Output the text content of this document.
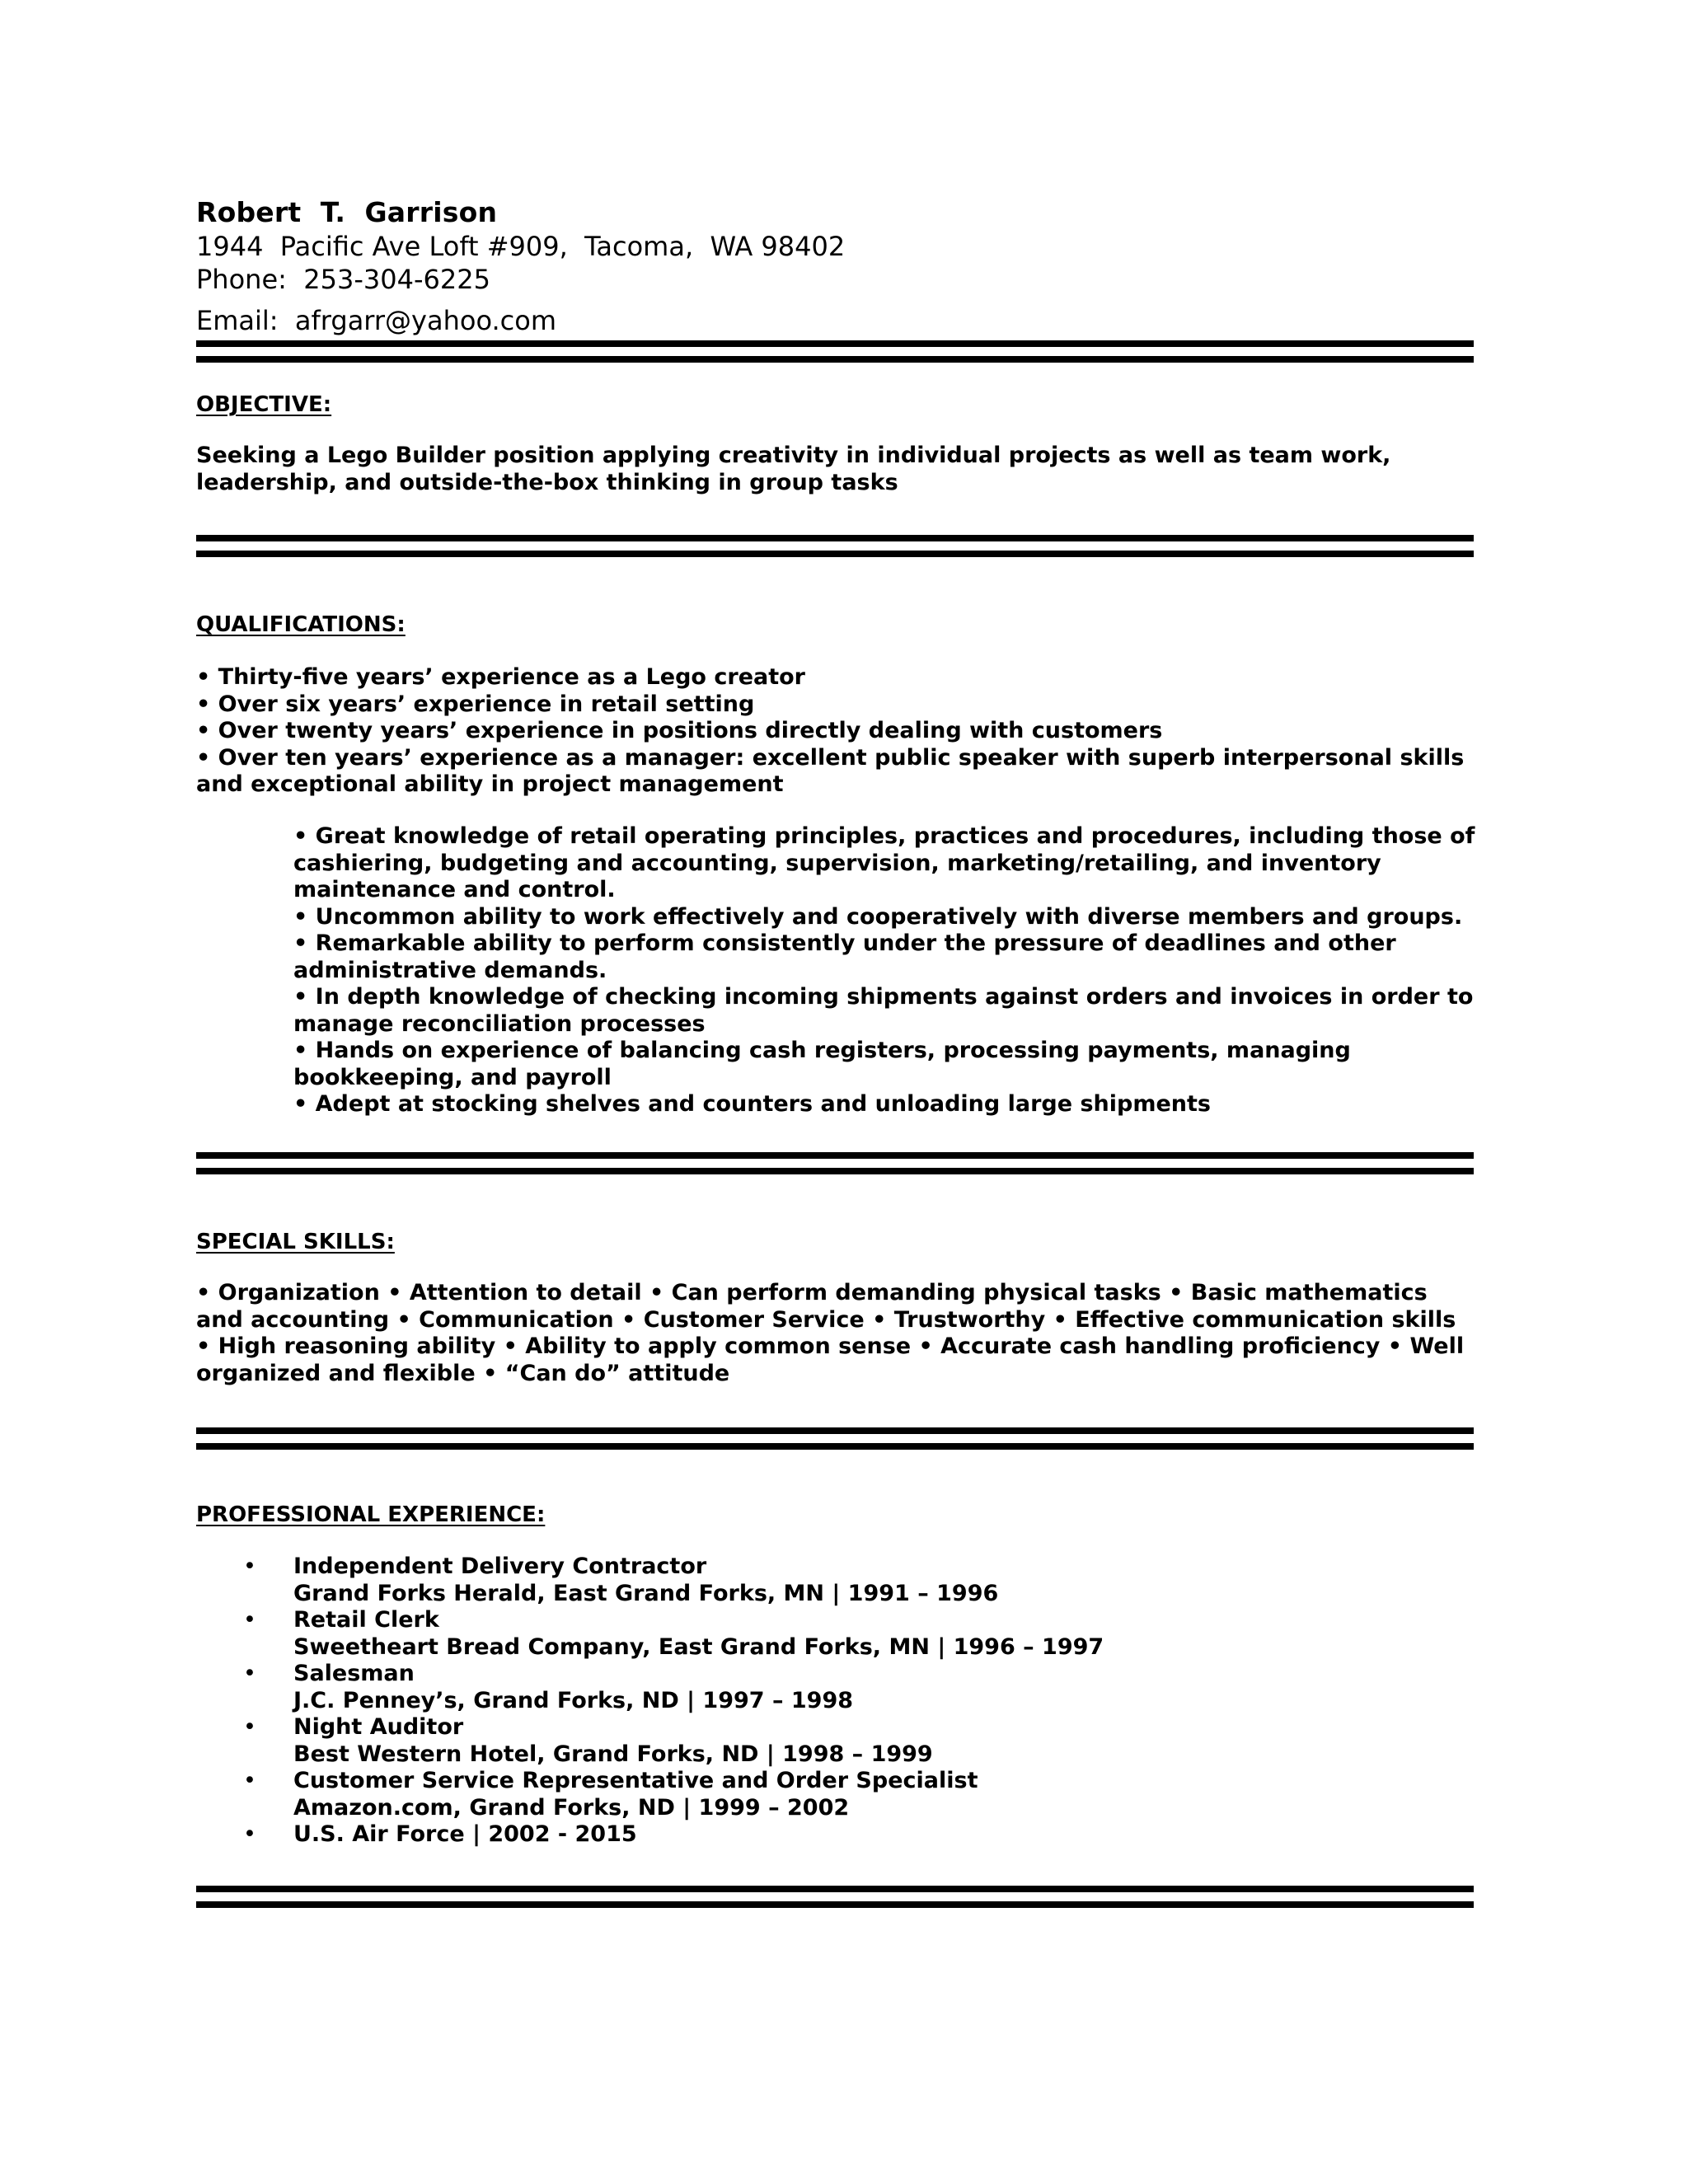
Robert  T.  Garrison
1944  Pacific Ave Loft #909,  Tacoma,  WA 98402
Phone:  253-304-6225
Email:  afrgarr@yahoo.com
OBJECTIVE:
Seeking a Lego Builder position applying creativity in individual projects as well as team work, leadership, and outside-the-box thinking in group tasks
QUALIFICATIONS:
• Thirty-five years’ experience as a Lego creator
• Over six years’ experience in retail setting
• Over twenty years’ experience in positions directly dealing with customers
• Over ten years’ experience as a manager: excellent public speaker with superb interpersonal skills and exceptional ability in project management
• Great knowledge of retail operating principles, practices and procedures, including those of cashiering, budgeting and accounting, supervision, marketing/retailing, and inventory maintenance and control.
• Uncommon ability to work effectively and cooperatively with diverse members and groups.
• Remarkable ability to perform consistently under the pressure of deadlines and other administrative demands.
• In depth knowledge of checking incoming shipments against orders and invoices in order to manage reconciliation processes
• Hands on experience of balancing cash registers, processing payments, managing bookkeeping, and payroll
• Adept at stocking shelves and counters and unloading large shipments
SPECIAL SKILLS:
• Organization • Attention to detail • Can perform demanding physical tasks • Basic mathematics and accounting • Communication • Customer Service • Trustworthy • Effective communication skills • High reasoning ability • Ability to apply common sense • Accurate cash handling proficiency • Well organized and flexible • “Can do” attitude
PROFESSIONAL EXPERIENCE:
• Independent Delivery Contractor
Grand Forks Herald, East Grand Forks, MN | 1991 – 1996
• Retail Clerk
Sweetheart Bread Company, East Grand Forks, MN | 1996 – 1997
• Salesman
J.C. Penney’s, Grand Forks, ND | 1997 – 1998
• Night Auditor
Best Western Hotel, Grand Forks, ND | 1998 – 1999
• Customer Service Representative and Order Specialist
Amazon.com, Grand Forks, ND | 1999 – 2002
• U.S. Air Force | 2002 - 2015
